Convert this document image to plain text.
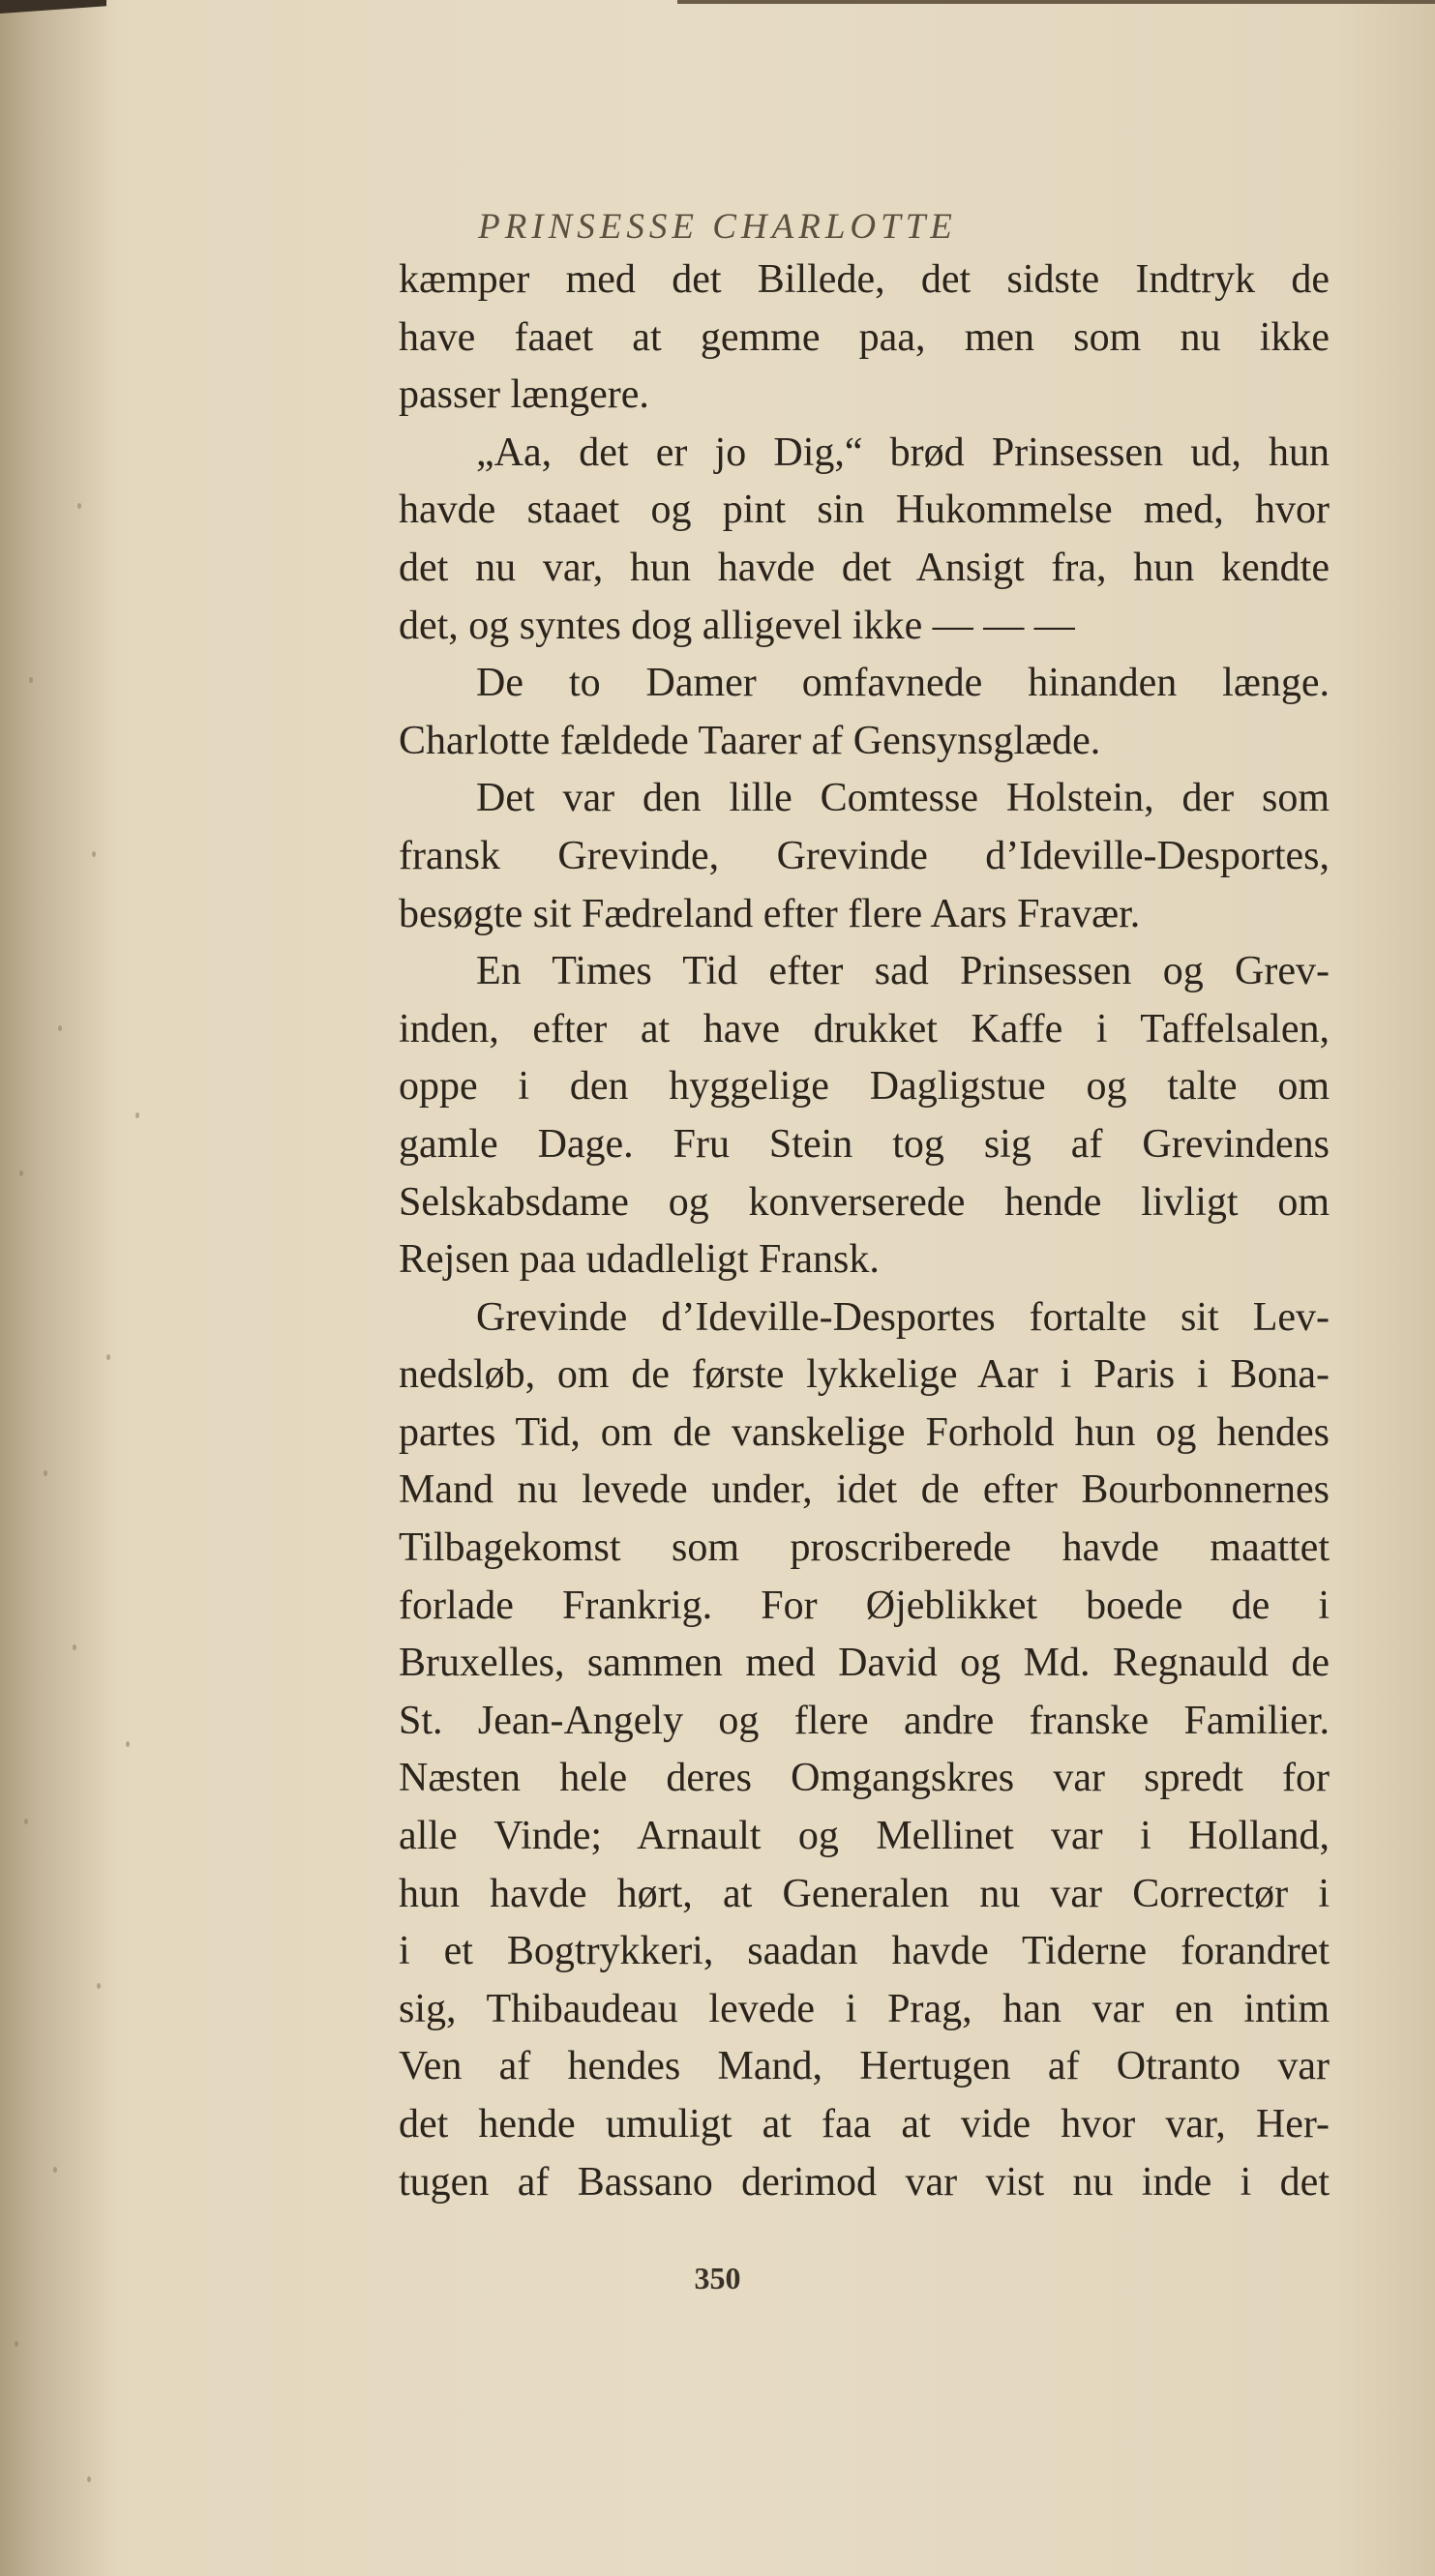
PRINSESSE CHARLOTTE
kæmper med det Billede, det sidste Indtryk de
have faaet at gemme paa, men som nu ikke
passer længere.
„Aa, det er jo Dig,“ brød Prinsessen ud, hun
havde staaet og pint sin Hukommelse med, hvor
det nu var, hun havde det Ansigt fra, hun kendte
det, og syntes dog alligevel ikke — — —
De to Damer omfavnede hinanden længe.
Charlotte fældede Taarer af Gensynsglæde.
Det var den lille Comtesse Holstein, der som
fransk Grevinde, Grevinde d’Ideville-Desportes,
besøgte sit Fædreland efter flere Aars Fravær.
En Times Tid efter sad Prinsessen og Grev-
inden, efter at have drukket Kaffe i Taffelsalen,
oppe i den hyggelige Dagligstue og talte om
gamle Dage. Fru Stein tog sig af Grevindens
Selskabsdame og konverserede hende livligt om
Rejsen paa udadleligt Fransk.
Grevinde d’Ideville-Desportes fortalte sit Lev-
nedsløb, om de første lykkelige Aar i Paris i Bona-
partes Tid, om de vanskelige Forhold hun og hendes
Mand nu levede under, idet de efter Bourbonnernes
Tilbagekomst som proscriberede havde maattet
forlade Frankrig. For Øjeblikket boede de i
Bruxelles, sammen med David og Md. Regnauld de
St. Jean-Angely og flere andre franske Familier.
Næsten hele deres Omgangskres var spredt for
alle Vinde; Arnault og Mellinet var i Holland,
hun havde hørt, at Generalen nu var Correctør i
i et Bogtrykkeri, saadan havde Tiderne forandret
sig, Thibaudeau levede i Prag, han var en intim
Ven af hendes Mand, Hertugen af Otranto var
det hende umuligt at faa at vide hvor var, Her-
tugen af Bassano derimod var vist nu inde i det
350
